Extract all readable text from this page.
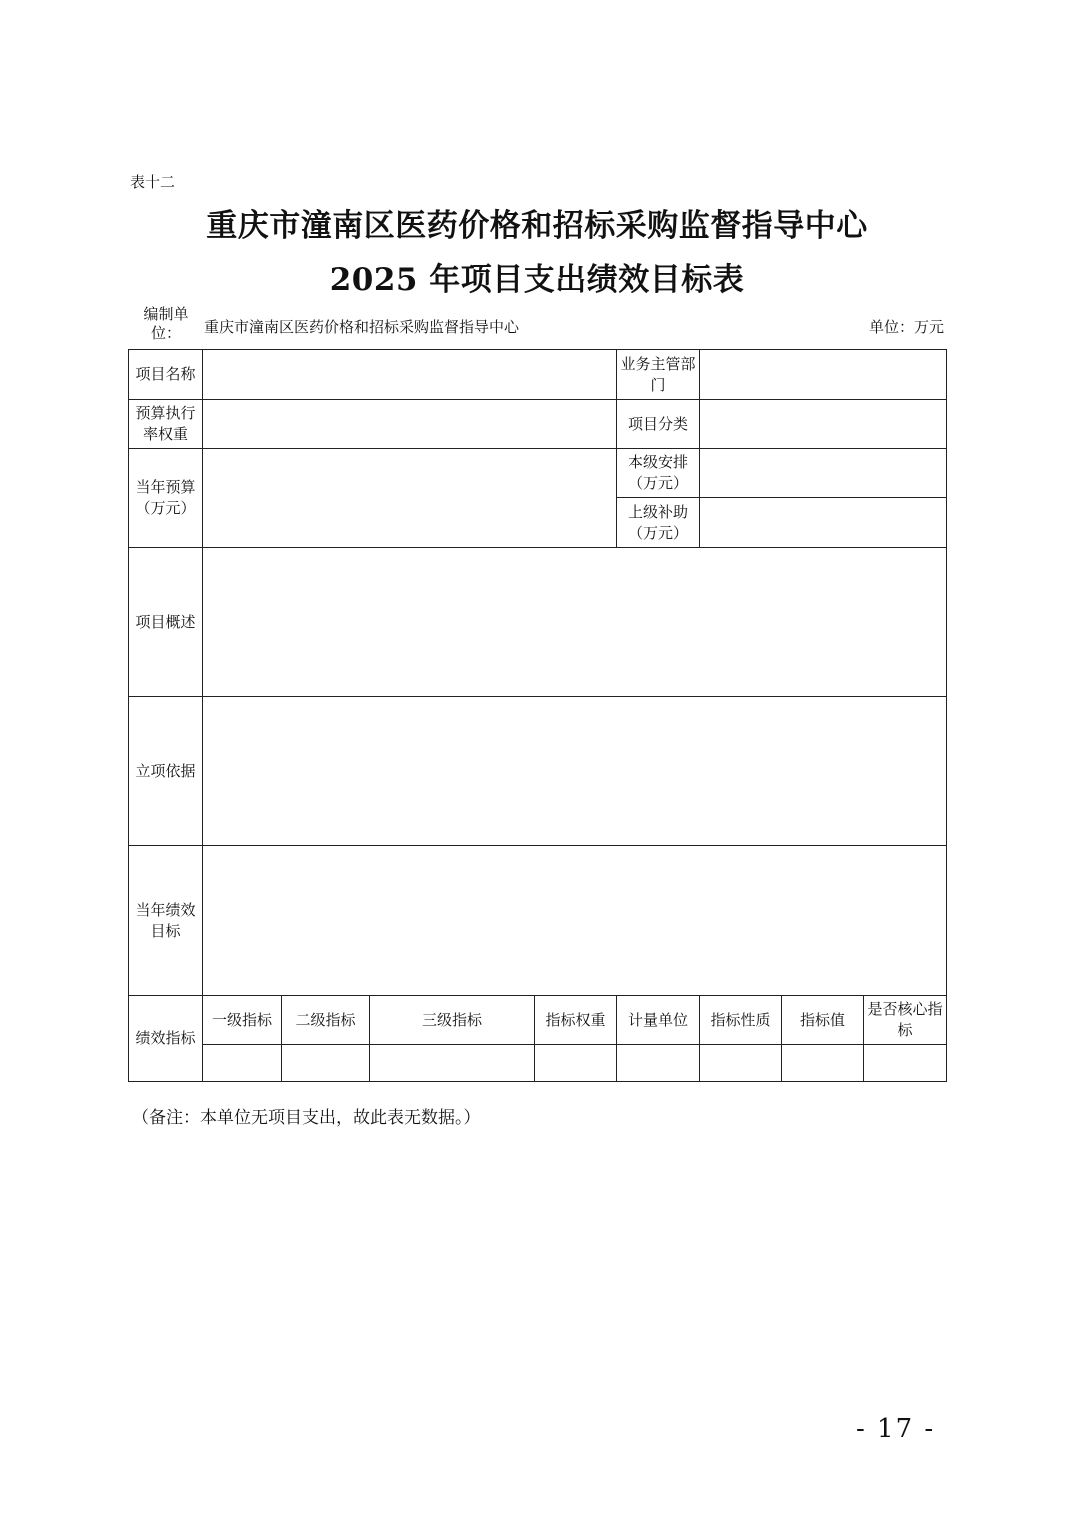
表十二
重庆市潼南区医药价格和招标采购监督指导中心
2025 年项目支出绩效目标表
编制单位：	重庆市潼南区医药价格和招标采购监督指导中心	单位：万元
项目名称					业务主管部门			
预算执行率权重					项目分类			
当年预算（万元）					本级安排（万元）			
					上级补助（万元）			
项目概述								
立项依据								
当年绩效目标								
绩效指标	一级指标	二级指标	三级指标	指标权重	计量单位	指标性质	指标值	是否核心指标

（备注：本单位无项目支出，故此表无数据。）
- 17 -
